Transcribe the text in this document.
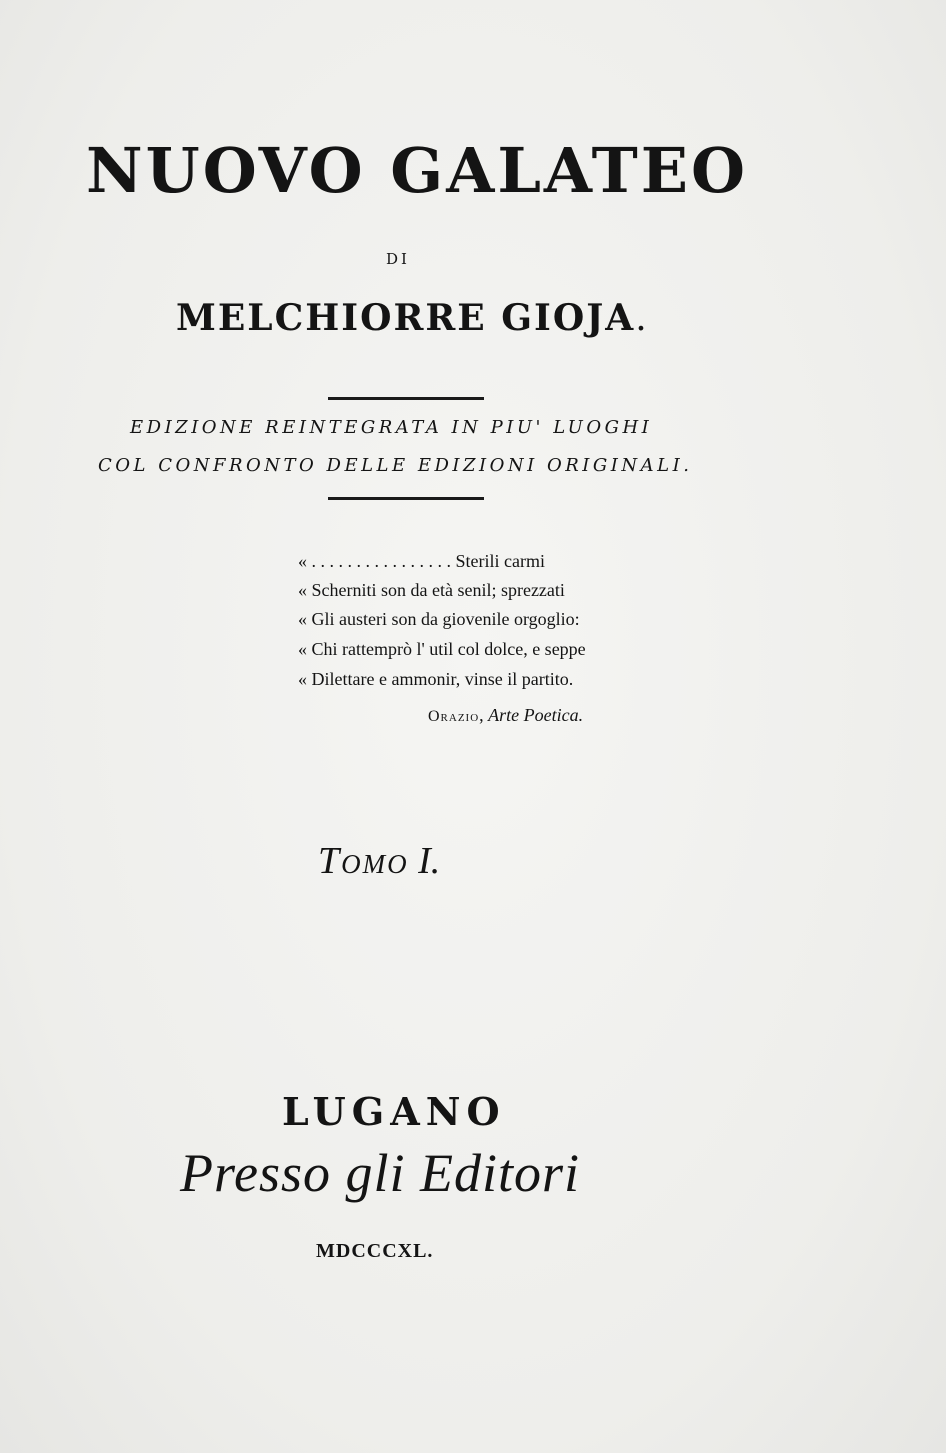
NUOVO GALATEO
DI
MELCHIORRE GIOJA.
EDIZIONE REINTEGRATA IN PIU' LUOGHI
COL CONFRONTO DELLE EDIZIONI ORIGINALI.
« . . . . . . . . . . . . . . . . Sterili carmi
« Scherniti son da età senil; sprezzati
« Gli austeri son da giovenile orgoglio:
« Chi rattemprò l' util col dolce, e seppe
« Dilettare e ammonir, vinse il partito.
Orazio, Arte Poetica.
Tomo I.
LUGANO
Presso gli Editori
MDCCCXL.
